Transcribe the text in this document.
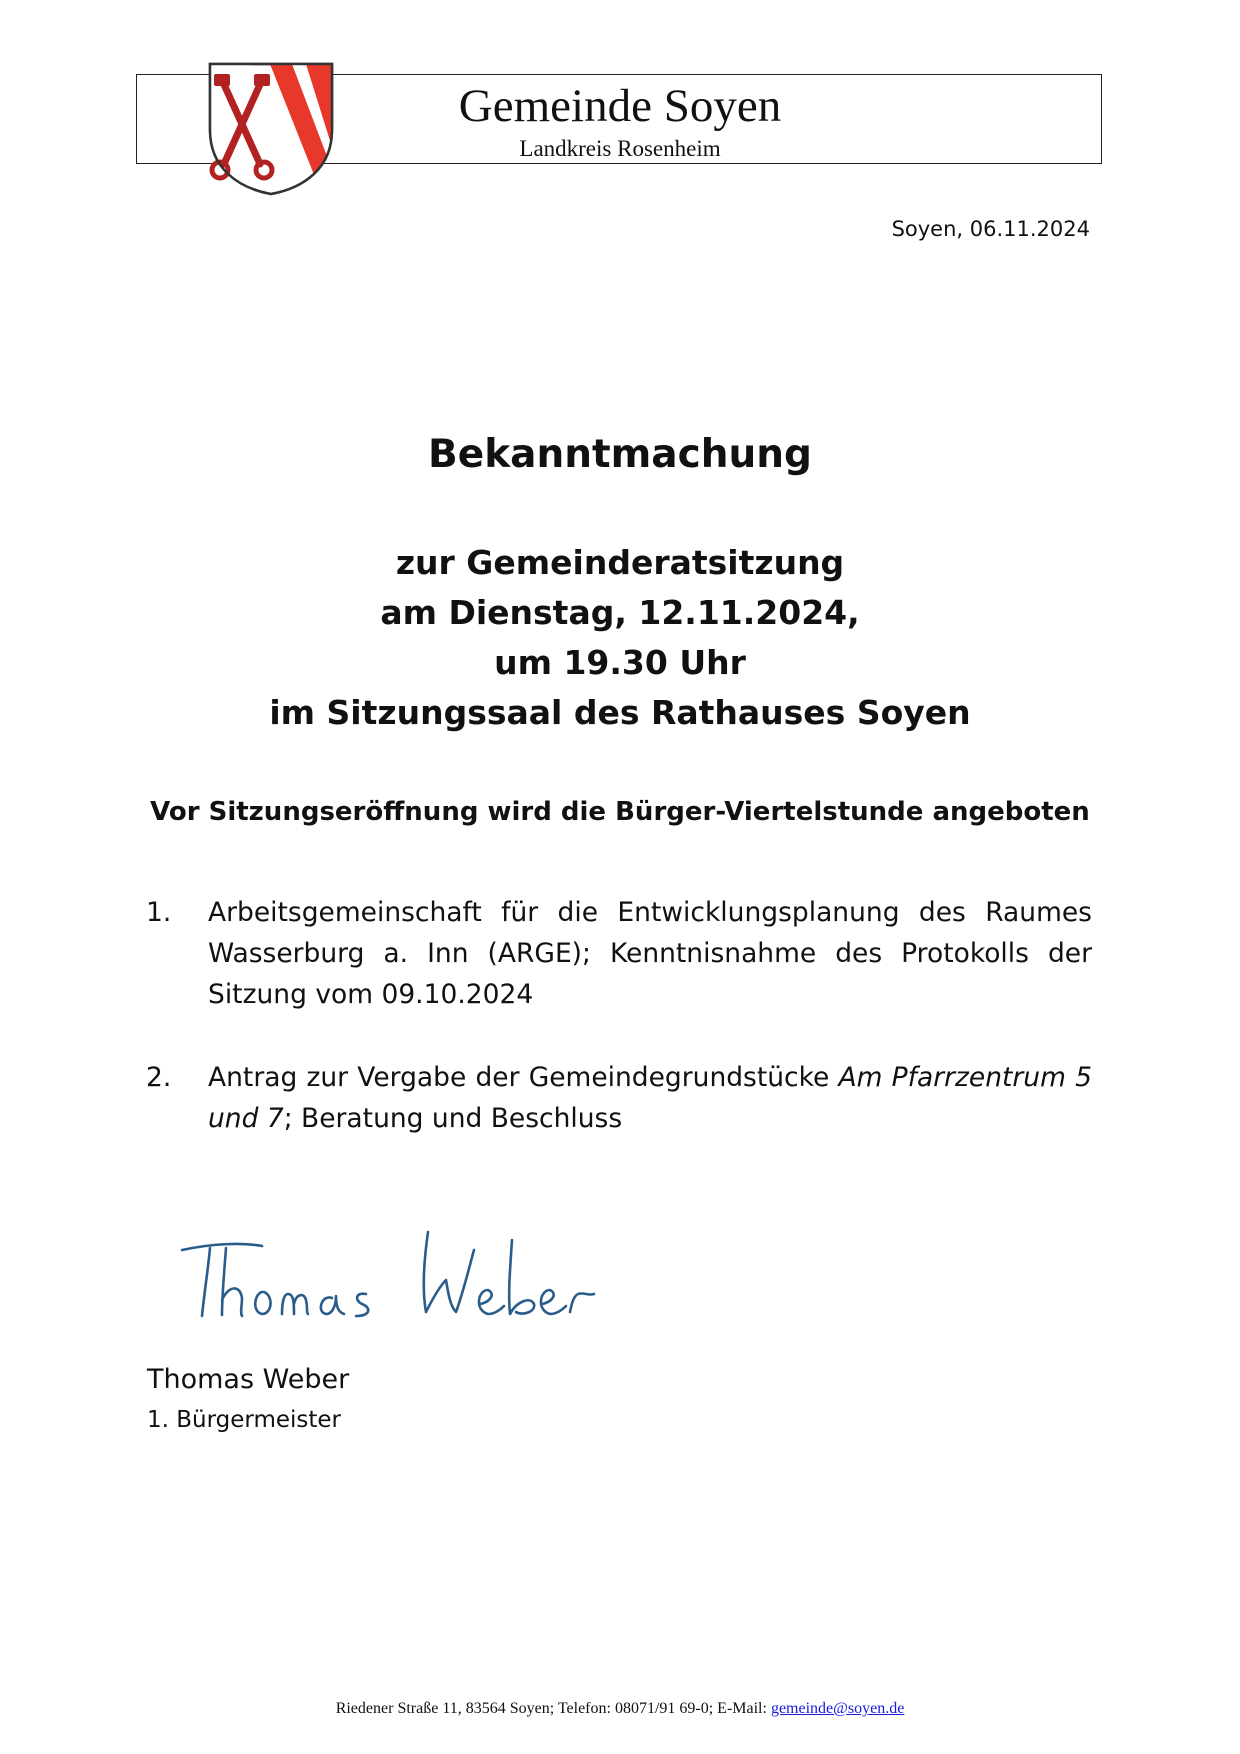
Gemeinde Soyen
Landkreis Rosenheim
Soyen, 06.11.2024
Bekanntmachung
zur Gemeinderatsitzung
am Dienstag, 12.11.2024,
um 19.30 Uhr
im Sitzungssaal des Rathauses Soyen
Vor Sitzungseröffnung wird die Bürger-Viertelstunde angeboten
1. Arbeitsgemeinschaft für die Entwicklungsplanung des Raumes Wasserburg a. Inn (ARGE); Kenntnisnahme des Protokolls der Sitzung vom 09.10.2024
2. Antrag zur Vergabe der Gemeindegrundstücke Am Pfarrzentrum 5 und 7; Beratung und Beschluss
Thomas Weber
1. Bürgermeister
Riedener Straße 11, 83564 Soyen; Telefon: 08071/91 69-0; E-Mail: gemeinde@soyen.de
